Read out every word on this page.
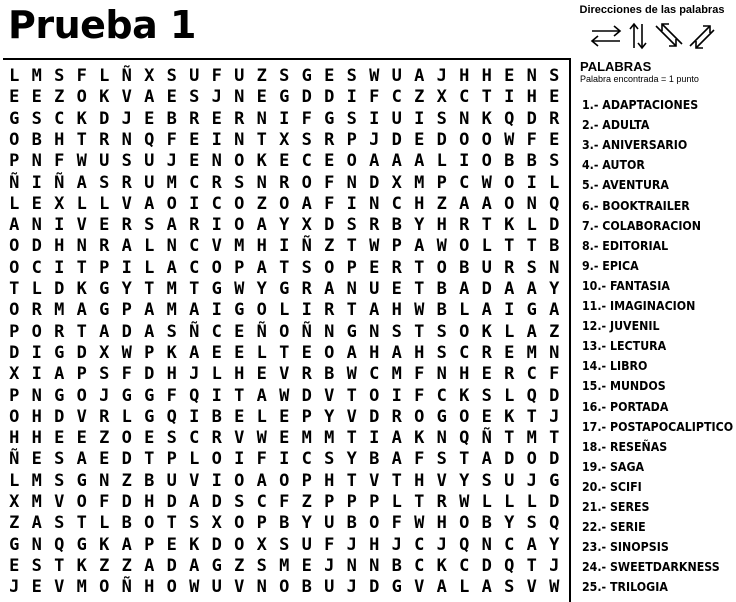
Prueba 1	Direcciones de las palabras
L M S F L Ñ X S U F U Z S G E S W U A J H H E N S
E E Z O K V A E S J N E G D D I F C Z X C T I H E
G S C K D J E B R E R N I F G S I U I S N K Q D R
O B H T R N Q F E I N T X S R P J D E D O O W F E
P N F W U S U J E N O K E C E O A A A L I O B B S
Ñ I Ñ A S R U M C R S N R O F N D X M P C W O I L
L E X L L V A O I C O Z O A F I N C H Z A A O N Q
A N I V E R S A R I O A Y X D S R B Y H R T K L D
O D H N R A L N C V M H I Ñ Z T W P A W O L T T B
O C I T P I L A C O P A T S O P E R T O B U R S N
T L D K G Y T M T G W Y G R A N U E T B A D A A Y
O R M A G P A M A I G O L I R T A H W B L A I G A
P O R T A D A S Ñ C E Ñ O Ñ N G N S T S O K L A Z
D I G D X W P K A E E L T E O A H A H S C R E M N
X I A P S F D H J L H E V R B W C M F N H E R C F
P N G O J G G F Q I T A W D V T O I F C K S L Q D
O H D V R L G Q I B E L E P Y V D R O G O E K T J
H H E E Z O E S C R V W E M M T I A K N Q Ñ T M T
Ñ E S A E D T P L O I F I C S Y B A F S T A D O D
L M S G N Z B U V I O A O P H T V T H V Y S U J G
X M V O F D H D A D S C F Z P P P L T R W L L L D
Z A S T L B O T S X O P B Y U B O F W H O B Y S Q
G N Q G K A P E K D O X S U F J H J C J Q N C A Y
E S T K Z Z A D A G Z S M E J N N B C K C D Q T J
J E V M O Ñ H O W U V N O B U J D G V A L A S V W
PALABRAS
Palabra encontrada = 1 punto
1.- ADAPTACIONES
2.- ADULTA
3.- ANIVERSARIO
4.- AUTOR
5.- AVENTURA
6.- BOOKTRAILER
7.- COLABORACION
8.- EDITORIAL
9.- EPICA
10.- FANTASIA
11.- IMAGINACION
12.- JUVENIL
13.- LECTURA
14.- LIBRO
15.- MUNDOS
16.- PORTADA
17.- POSTAPOCALIPTICO
18.- RESEÑAS
19.- SAGA
20.- SCIFI
21.- SERES
22.- SERIE
23.- SINOPSIS
24.- SWEETDARKNESS
25.- TRILOGIA
